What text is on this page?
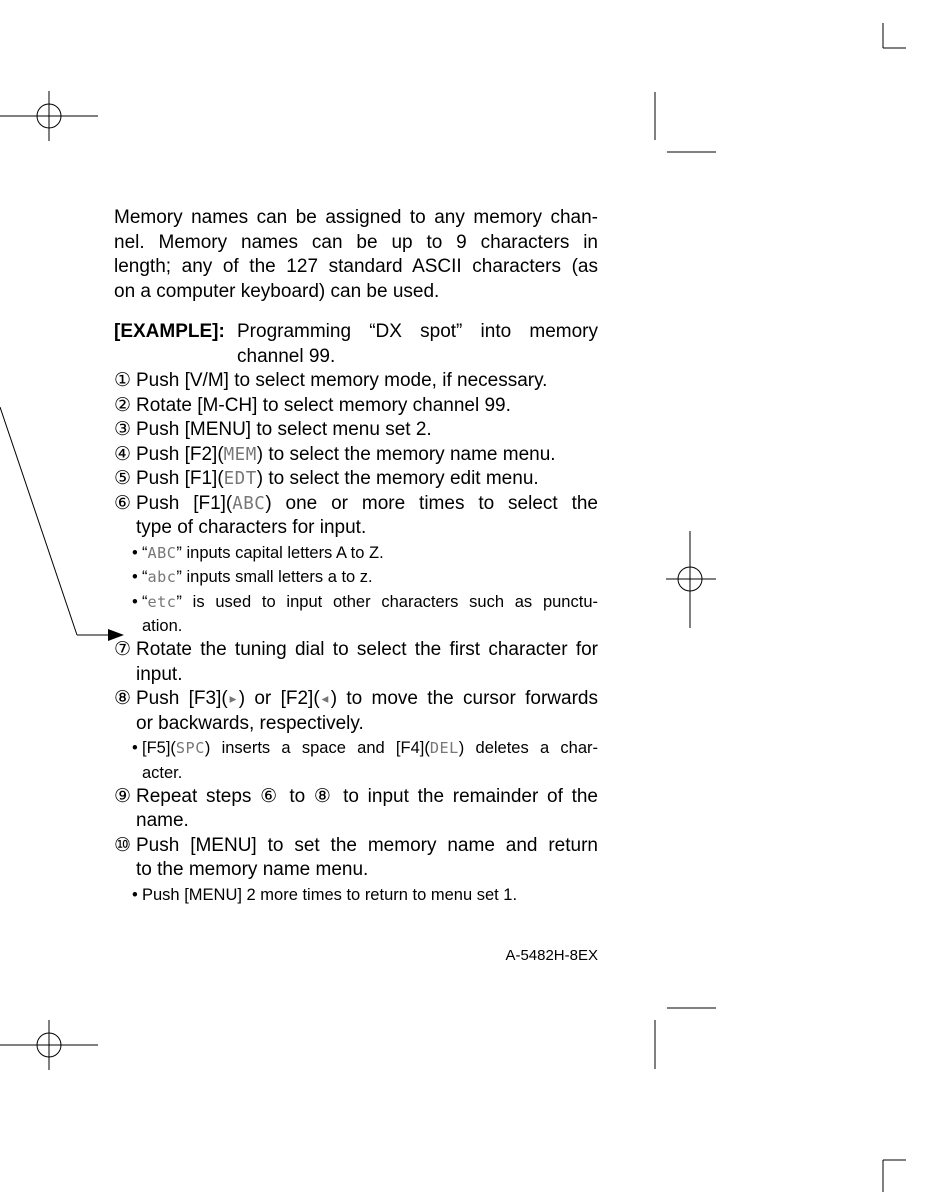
Memory names can be assigned to any memory chan-
nel. Memory names can be up to 9 characters in
length; any of the 127 standard ASCII characters (as
on a computer keyboard) can be used.
[EXAMPLE]: Programming “DX spot” into memory
channel 99.
① Push [V/M] to select memory mode, if necessary.
② Rotate [M-CH] to select memory channel 99.
③ Push [MENU] to select menu set 2.
④ Push [F2](MEM) to select the memory name menu.
⑤ Push [F1](EDT) to select the memory edit menu.
⑥ Push [F1](ABC) one or more times to select the
type of characters for input.
• “ABC” inputs capital letters A to Z.
• “abc” inputs small letters a to z.
• “etc” is used to input other characters such as punctu-
ation.
⑦ Rotate the tuning dial to select the first character for
input.
⑧ Push [F3](▸) or [F2](◂) to move the cursor forwards
or backwards, respectively.
• [F5](SPC) inserts a space and [F4](DEL) deletes a char-
acter.
⑨ Repeat steps ⑥ to ⑧ to input the remainder of the
name.
⑩ Push [MENU] to set the memory name and return
to the memory name menu.
• Push [MENU] 2 more times to return to menu set 1.
A-5482H-8EX
